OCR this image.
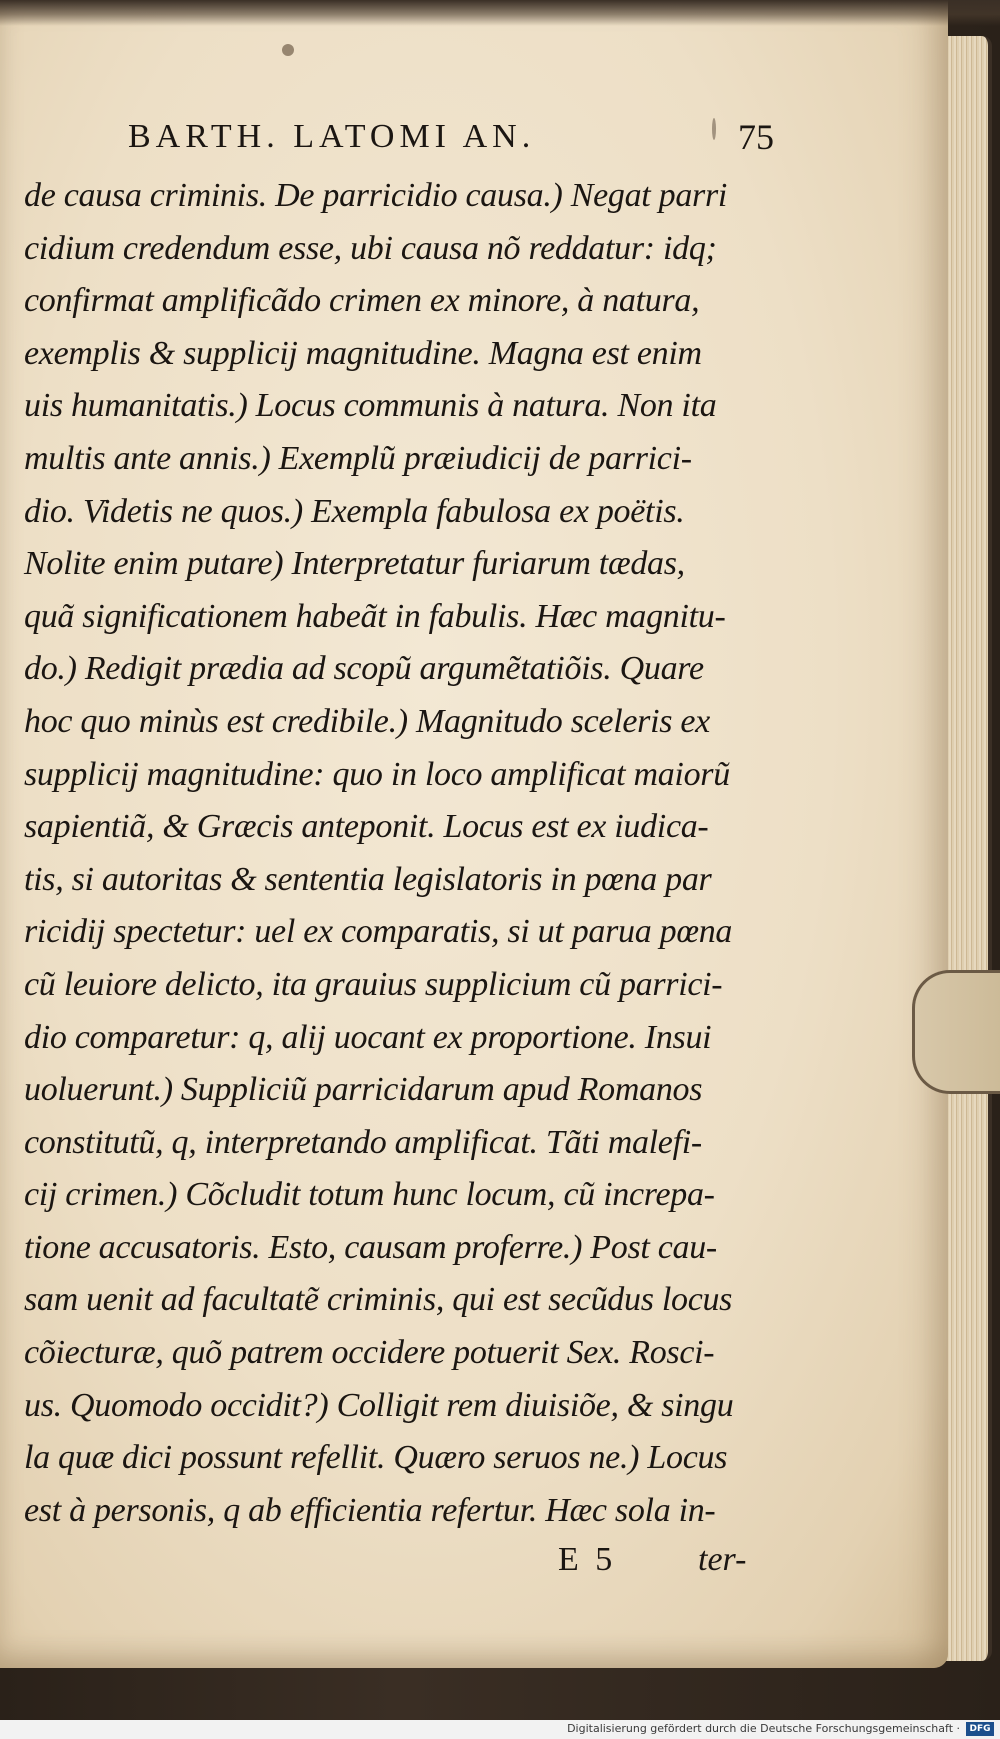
BARTH. LATOMI AN.	75
de causa criminis. De parricidio causa.) Negat parri
cidium credendum esse, ubi causa nõ reddatur: idq;
confirmat amplificãdo crimen ex minore, à natura,
exemplis & supplicij magnitudine. Magna est enim
uis humanitatis.) Locus communis à natura. Non ita
multis ante annis.) Exemplũ præiudicij de parrici-
dio. Videtis ne quos.) Exempla fabulosa ex poëtis.
Nolite enim putare) Interpretatur furiarum tædas,
quã significationem habeãt in fabulis. Hæc magnitu-
do.) Redigit prædia ad scopũ argumẽtatiõis. Quare
hoc quo minùs est credibile.) Magnitudo sceleris ex
supplicij magnitudine: quo in loco amplificat maiorũ
sapientiã, & Græcis anteponit. Locus est ex iudica-
tis, si autoritas & sententia legislatoris in pœna par
ricidij spectetur: uel ex comparatis, si ut parua pœna
cũ leuiore delicto, ita grauius supplicium cũ parrici-
dio comparetur: q, alij uocant ex proportione. Insui
uoluerunt.) Suppliciũ parricidarum apud Romanos
constitutũ, q, interpretando amplificat. Tãti malefi-
cij crimen.) Cõcludit totum hunc locum, cũ increpa-
tione accusatoris. Esto, causam proferre.) Post cau-
sam uenit ad facultatẽ criminis, qui est secũdus locus
cõiecturæ, quõ patrem occidere potuerit Sex. Rosci-
us. Quomodo occidit?) Colligit rem diuisiõe, & singu
la quæ dici possunt refellit. Quæro seruos ne.) Locus
est à personis, q ab efficientia refertur. Hæc sola in-
E 5 ter-
Digitalisierung gefördert durch die Deutsche Forschungsgemeinschaft ·	DFG
